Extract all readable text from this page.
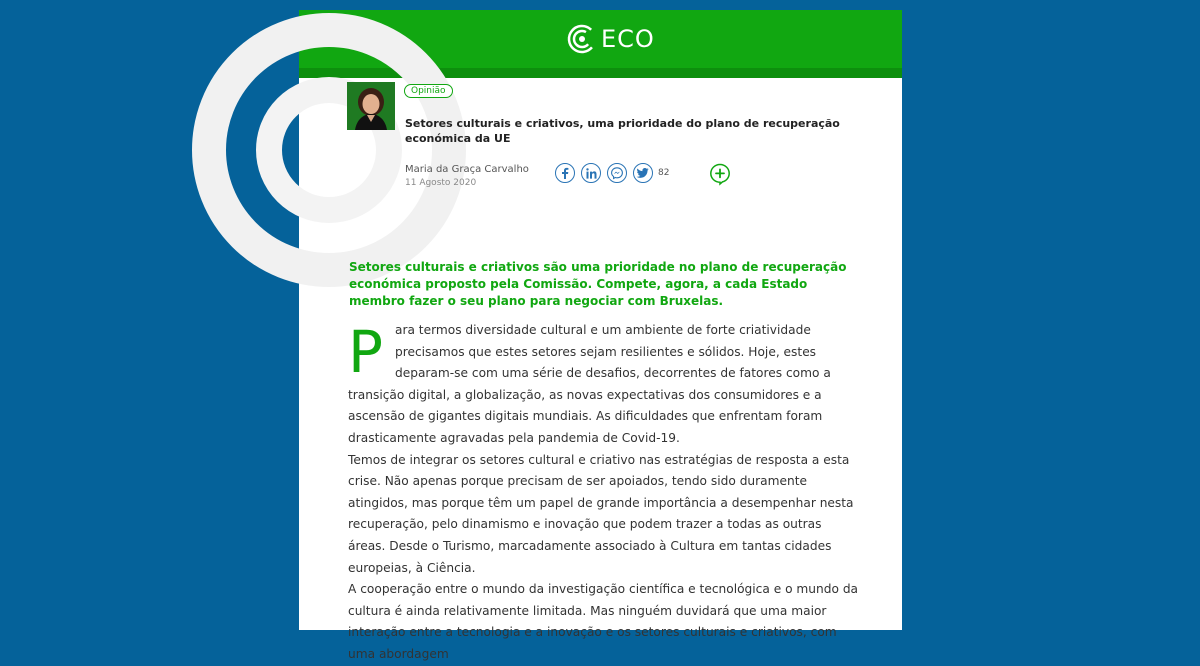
ECO
Opinião
Setores culturais e criativos, uma prioridade do plano de recuperação económica da UE
Maria da Graça Carvalho
11 Agosto 2020
82

Setores culturais e criativos são uma prioridade no plano de recuperação económica proposto pela Comissão. Compete, agora, a cada Estado membro fazer o seu plano para negociar com Bruxelas.

P ara termos diversidade cultural e um ambiente de forte criatividade precisamos que estes setores sejam resilientes e sólidos. Hoje, estes deparam-se com uma série de desafios, decorrentes de fatores como a transição digital, a globalização, as novas expectativas dos consumidores e a ascensão de gigantes digitais mundiais. As dificuldades que enfrentam foram drasticamente agravadas pela pandemia de Covid-19.

Temos de integrar os setores cultural e criativo nas estratégias de resposta a esta crise. Não apenas porque precisam de ser apoiados, tendo sido duramente atingidos, mas porque têm um papel de grande importância a desempenhar nesta recuperação, pelo dinamismo e inovação que podem trazer a todas as outras áreas. Desde o Turismo, marcadamente associado à Cultura em tantas cidades europeias, à Ciência.

A cooperação entre o mundo da investigação científica e tecnológica e o mundo da cultura é ainda relativamente limitada. Mas ninguém duvidará que uma maior interação entre a tecnologia e a inovação e os setores culturais e criativos, com uma abordagem
